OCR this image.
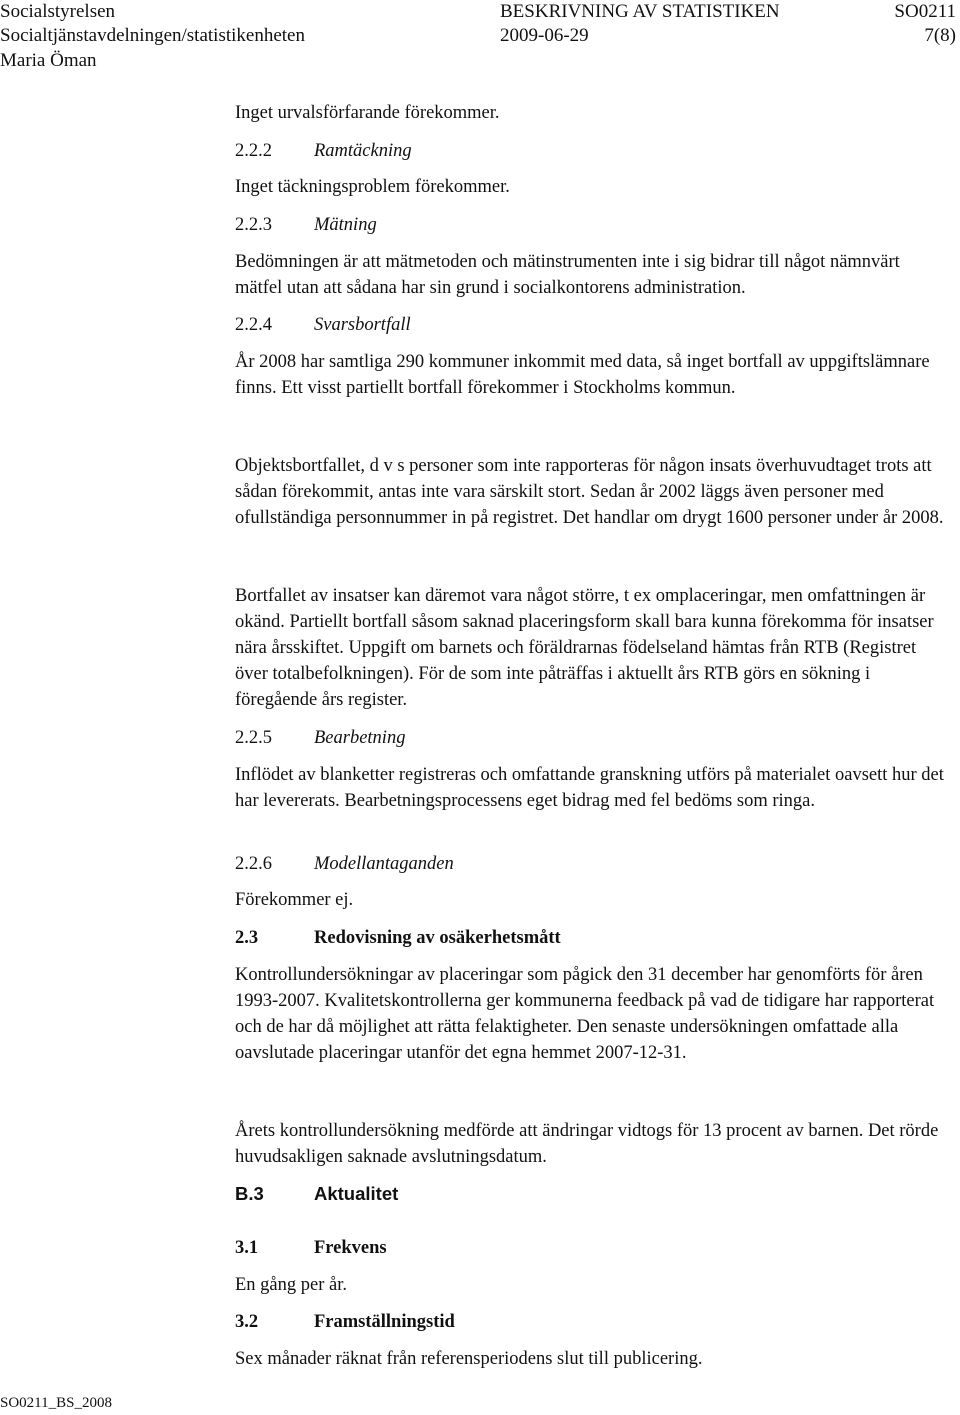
Socialstyrelsen
Socialtjänstavdelningen/statistikenheten
Maria Öman
BESKRIVNING AV STATISTIKEN
2009-06-29
SO0211
7(8)
Inget urvalsförfarande förekommer.
2.2.2 Ramtäckning
Inget täckningsproblem förekommer.
2.2.3 Mätning

Bedömningen är att mätmetoden och mätinstrumenten inte i sig bidrar till något nämnvärt mätfel utan att sådana har sin grund i socialkontorens administration.

2.2.4 Svarsbortfall

År 2008 har samtliga 290 kommuner inkommit med data, så inget bortfall av uppgiftslämnare finns. Ett visst partiellt bortfall förekommer i Stockholms kommun.

Objektsbortfallet, d v s personer som inte rapporteras för någon insats överhuvudtaget trots att sådan förekommit, antas inte vara särskilt stort. Sedan år 2002 läggs även personer med ofullständiga personnummer in på registret. Det handlar om drygt 1600 personer under år 2008.

Bortfallet av insatser kan däremot vara något större, t ex omplaceringar, men omfattningen är okänd. Partiellt bortfall såsom saknad placeringsform skall bara kunna förekomma för insatser nära årsskiftet. Uppgift om barnets och föräldrarnas födelseland hämtas från RTB (Registret över totalbefolkningen). För de som inte påträffas i aktuellt års RTB görs en sökning i föregående års register.

2.2.5 Bearbetning

Inflödet av blanketter registreras och omfattande granskning utförs på materialet oavsett hur det har levererats. Bearbetningsprocessens eget bidrag med fel bedöms som ringa.

2.2.6 Modellantaganden
Förekommer ej.
2.3	Redovisning av osäkerhetsmått

Kontrollundersökningar av placeringar som pågick den 31 december har genomförts för åren 1993-2007. Kvalitetskontrollerna ger kommunerna feedback på vad de tidigare har rapporterat och de har då möjlighet att rätta felaktigheter. Den senaste undersökningen omfattade alla oavslutade placeringar utanför det egna hemmet 2007-12-31.

Årets kontrollundersökning medförde att ändringar vidtogs för 13 procent av barnen. Det rörde huvudsakligen saknade avslutningsdatum.

B.3	Aktualitet
3.1	Frekvens
En gång per år.
3.2	Framställningstid
Sex månader räknat från referensperiodens slut till publicering.
SO0211_BS_2008
